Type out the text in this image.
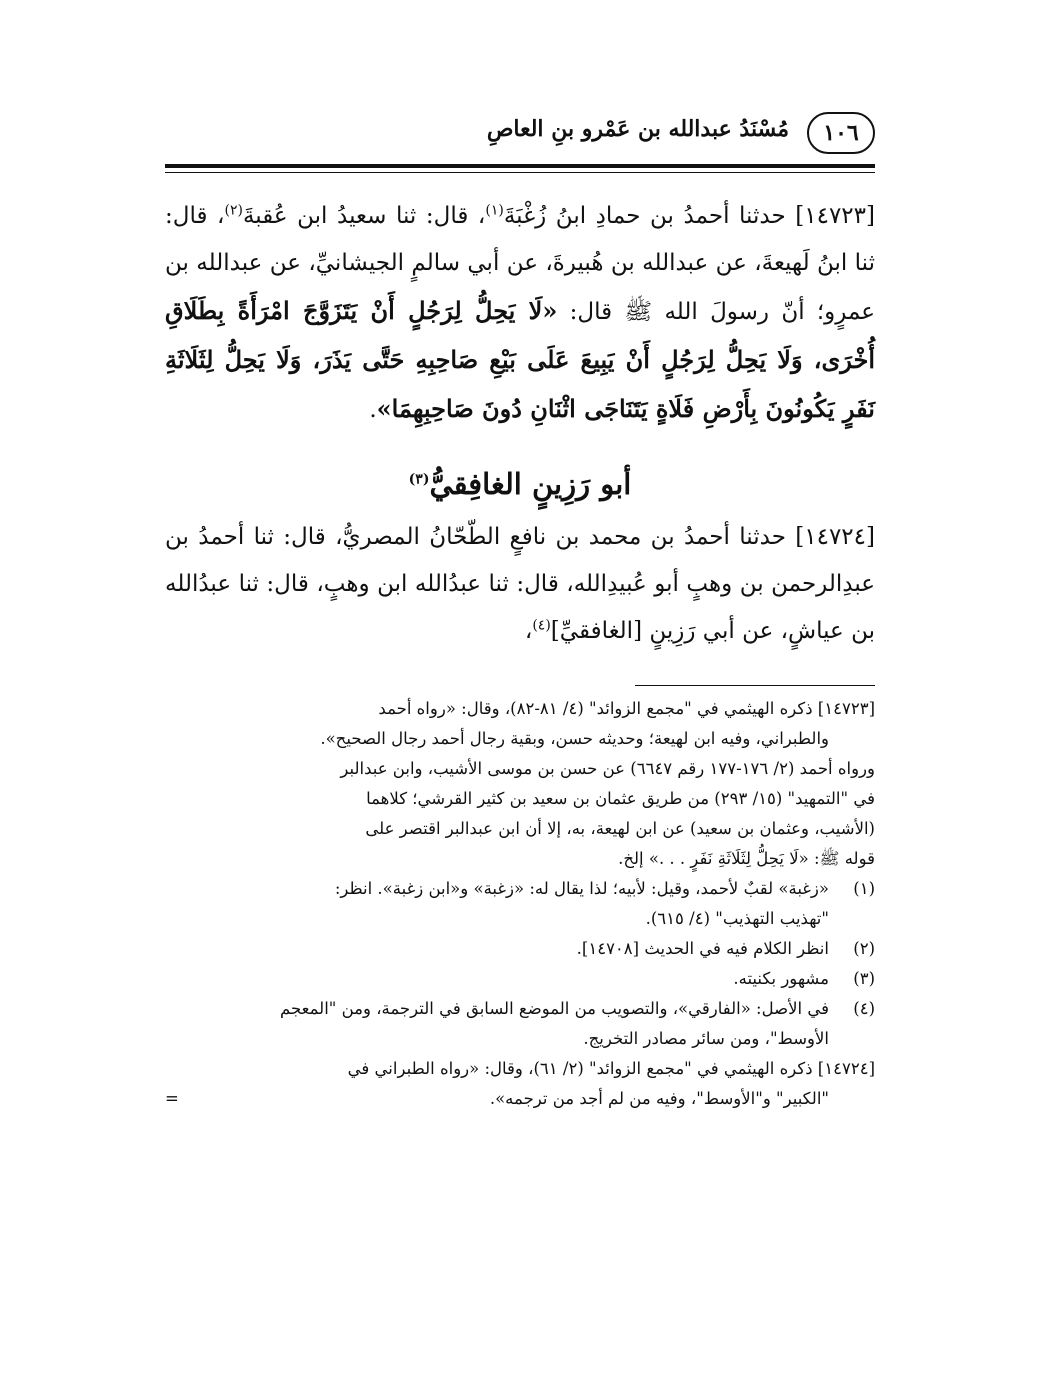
١٠٦
مُسْنَدُ عبدالله بن عَمْرو بنِ العاصِ

[١٤٧٢٣] حدثنا أحمدُ بن حمادِ ابنُ زُغْبَةَ$^{(١)}$، قال: ثنا سعيدُ ابن عُقبةَ$^{(٢)}$، قال: ثنا ابنُ لَهيعةَ، عن عبدالله بن هُبيرةَ، عن أبي سالمٍ الجيشانيِّ، عن عبدالله بن عمرٍو؛ أنّ رسولَ الله ﷺ قال: «لَا يَحِلُّ لِرَجُلٍ أَنْ يَتَزَوَّجَ امْرَأَةً بِطَلَاقِ أُخْرَى، وَلَا يَحِلُّ لِرَجُلٍ أَنْ يَبِيعَ عَلَى بَيْعِ صَاحِبِهِ حَتَّى يَذَرَ، وَلَا يَحِلُّ لِثَلَاثَةِ نَفَرٍ يَكُونُونَ بِأَرْضِ فَلَاةٍ يَتَنَاجَى اثْنَانِ دُونَ صَاحِبِهِمَا».

أبو رَزِينٍ الغافِقيُّ$^{(٣)}$

[١٤٧٢٤] حدثنا أحمدُ بن محمد بن نافعٍ الطّحّانُ المصريُّ، قال: ثنا أحمدُ بن عبدِالرحمن بن وهبٍ أبو عُبيدِالله، قال: ثنا عبدُالله ابن وهبٍ، قال: ثنا عبدُالله بن عياشٍ، عن أبي رَزِينٍ [الغافقيِّ]$^{(٤)}$،

[١٤٧٢٣] ذكره الهيثمي في "مجمع الزوائد" (٤/ ٨١-٨٢)، وقال: «رواه أحمد
والطبراني، وفيه ابن لهيعة؛ وحديثه حسن، وبقية رجال أحمد رجال الصحيح».
ورواه أحمد (٢/ ١٧٦-١٧٧ رقم ٦٦٤٧) عن حسن بن موسى الأشيب، وابن عبدالبر
في "التمهيد" (١٥/ ٢٩٣) من طريق عثمان بن سعيد بن كثير القرشي؛ كلاهما
(الأشيب، وعثمان بن سعيد) عن ابن لهيعة، به، إلا أن ابن عبدالبر اقتصر على
قوله ﷺ: «لَا يَحِلُّ لِثَلَاثَةِ نَفَرٍ . . .» إلخ.

(١)
«زغبة» لقبٌ لأحمد، وقيل: لأبيه؛ لذا يقال له: «زغبة» و«ابن زغبة». انظر:
"تهذيب التهذيب" (٤/ ٦١٥).
(٢)
انظر الكلام فيه في الحديث [١٤٧٠٨].
(٣)
مشهور بكنيته.
(٤)
في الأصل: «الفارقي»، والتصويب من الموضع السابق في الترجمة، ومن "المعجم
الأوسط"، ومن سائر مصادر التخريج.

[١٤٧٢٤] ذكره الهيثمي في "مجمع الزوائد" (٢/ ٦١)، وقال: «رواه الطبراني في
"الكبير" و"الأوسط"، وفيه من لم أجد من ترجمه».
=
